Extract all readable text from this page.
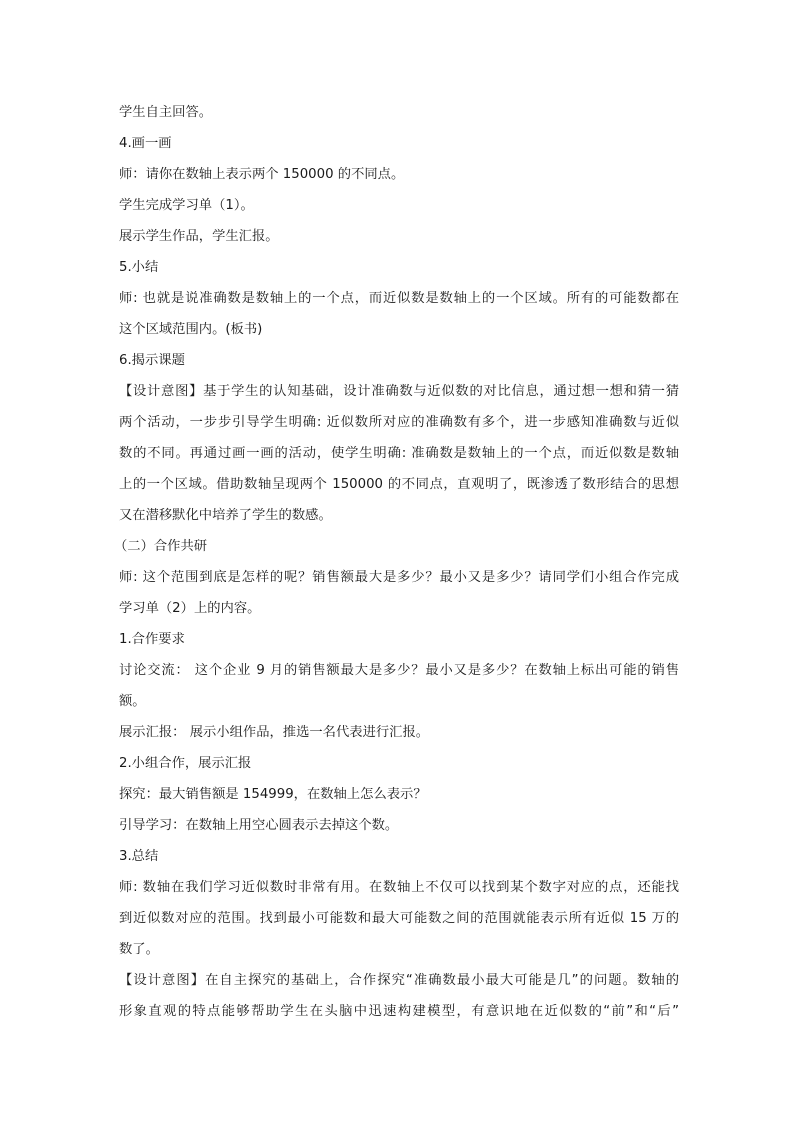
学生自主回答。

4.画一画

师：请你在数轴上表示两个 150000 的不同点。

学生完成学习单（1）。

展示学生作品，学生汇报。

5.小结

师: 也就是说准确数是数轴上的一个点，而近似数是数轴上的一个区域。所有的可能数都在

这个区域范围内。(板书)

6.揭示课题

【设计意图】基于学生的认知基础，设计准确数与近似数的对比信息，通过想一想和猜一猜

两个活动，一步步引导学生明确: 近似数所对应的准确数有多个，进一步感知准确数与近似

数的不同。再通过画一画的活动，使学生明确: 准确数是数轴上的一个点，而近似数是数轴

上的一个区域。借助数轴呈现两个 150000 的不同点，直观明了，既渗透了数形结合的思想

又在潜移默化中培养了学生的数感。

（二）合作共研

师: 这个范围到底是怎样的呢？销售额最大是多少？最小又是多少？请同学们小组合作完成

学习单（2）上的内容。

1.合作要求

讨论交流： 这个企业 9 月的销售额最大是多少？最小又是多少？在数轴上标出可能的销售

额。

展示汇报： 展示小组作品，推选一名代表进行汇报。

2.小组合作，展示汇报

探究：最大销售额是 154999，在数轴上怎么表示？

引导学习：在数轴上用空心圆表示去掉这个数。

3.总结

师: 数轴在我们学习近似数时非常有用。在数轴上不仅可以找到某个数字对应的点，还能找

到近似数对应的范围。找到最小可能数和最大可能数之间的范围就能表示所有近似 15 万的

数了。

【设计意图】在自主探究的基础上，合作探究“准确数最小最大可能是几”的问题。数轴的

形象直观的特点能够帮助学生在头脑中迅速构建模型，有意识地在近似数的“前”和“后”
